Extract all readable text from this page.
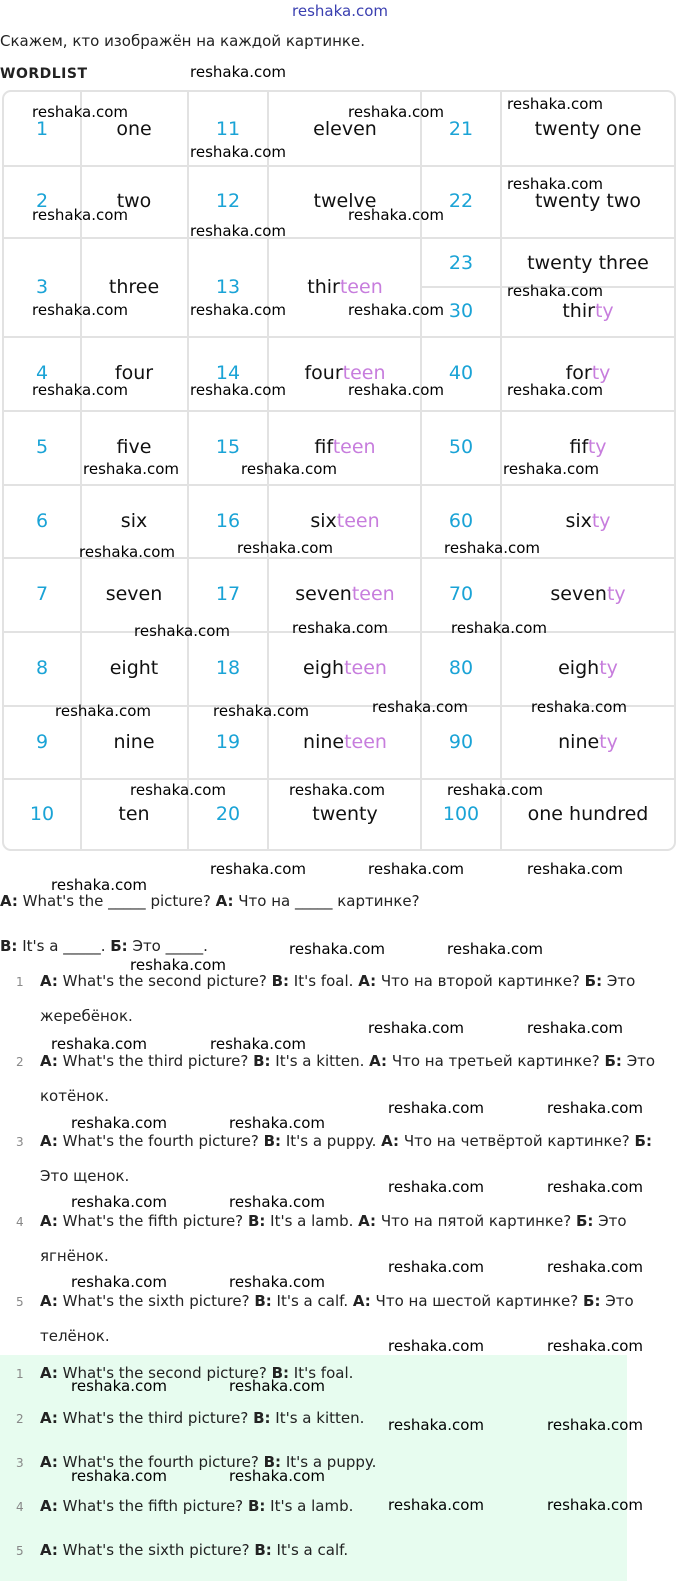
reshaka.com
Скажем, кто изображён на каждой картинке.
WORDLIST
1	one	11	eleven	21	twenty one
2	two	12	twelve	22	twenty two
3	three	13	thirteen
23	twenty three
30	thirty
4	four	14	fourteen	40	forty
5	five	15	fifteen	50	fifty
6	six	16	sixteen	60	sixty
7	seven	17	seventeen	70	seventy
8	eight	18	eighteen	80	eighty
9	nine	19	nineteen	90	ninety
10	ten	20	twenty	100	one hundred
A: What's the _____ picture? A: Что на _____ картинке?
B: It's a _____. Б: Это _____.
1 A: What's the second picture? B: It's foal. A: Что на второй картинке? Б: Это
жеребёнок.
2 A: What's the third picture? B: It's a kitten. A: Что на третьей картинке? Б: Это
котёнок.
3 A: What's the fourth picture? B: It's a puppy. A: Что на четвёртой картинке? Б:
Это щенок.
4 A: What's the fifth picture? B: It's a lamb. A: Что на пятой картинке? Б: Это
ягнёнок.
5 A: What's the sixth picture? B: It's a calf. A: Что на шестой картинке? Б: Это
телёнок.
1 A: What's the second picture? B: It's foal.
2 A: What's the third picture? B: It's a kitten.
3 A: What's the fourth picture? B: It's a puppy.
4 A: What's the fifth picture? B: It's a lamb.
5 A: What's the sixth picture? B: It's a calf.
reshaka.com
reshaka.com	reshaka.com	reshaka.com
reshaka.com
reshaka.com
reshaka.com	reshaka.com
reshaka.com
reshaka.com	reshaka.com	reshaka.com
reshaka.com
reshaka.com	reshaka.com	reshaka.com	reshaka.com
reshaka.com	reshaka.com	reshaka.com
reshaka.com	reshaka.com	reshaka.com
reshaka.com	reshaka.com	reshaka.com
reshaka.com	reshaka.com	reshaka.com	reshaka.com
reshaka.com	reshaka.com	reshaka.com
reshaka.com	reshaka.com	reshaka.com
reshaka.com
reshaka.com	reshaka.com
reshaka.com
reshaka.com	reshaka.com
reshaka.com	reshaka.com
reshaka.com	reshaka.com
reshaka.com	reshaka.com
reshaka.com	reshaka.com
reshaka.com	reshaka.com
reshaka.com	reshaka.com
reshaka.com	reshaka.com
reshaka.com	reshaka.com
reshaka.com	reshaka.com
reshaka.com	reshaka.com
reshaka.com	reshaka.com
reshaka.com	reshaka.com
